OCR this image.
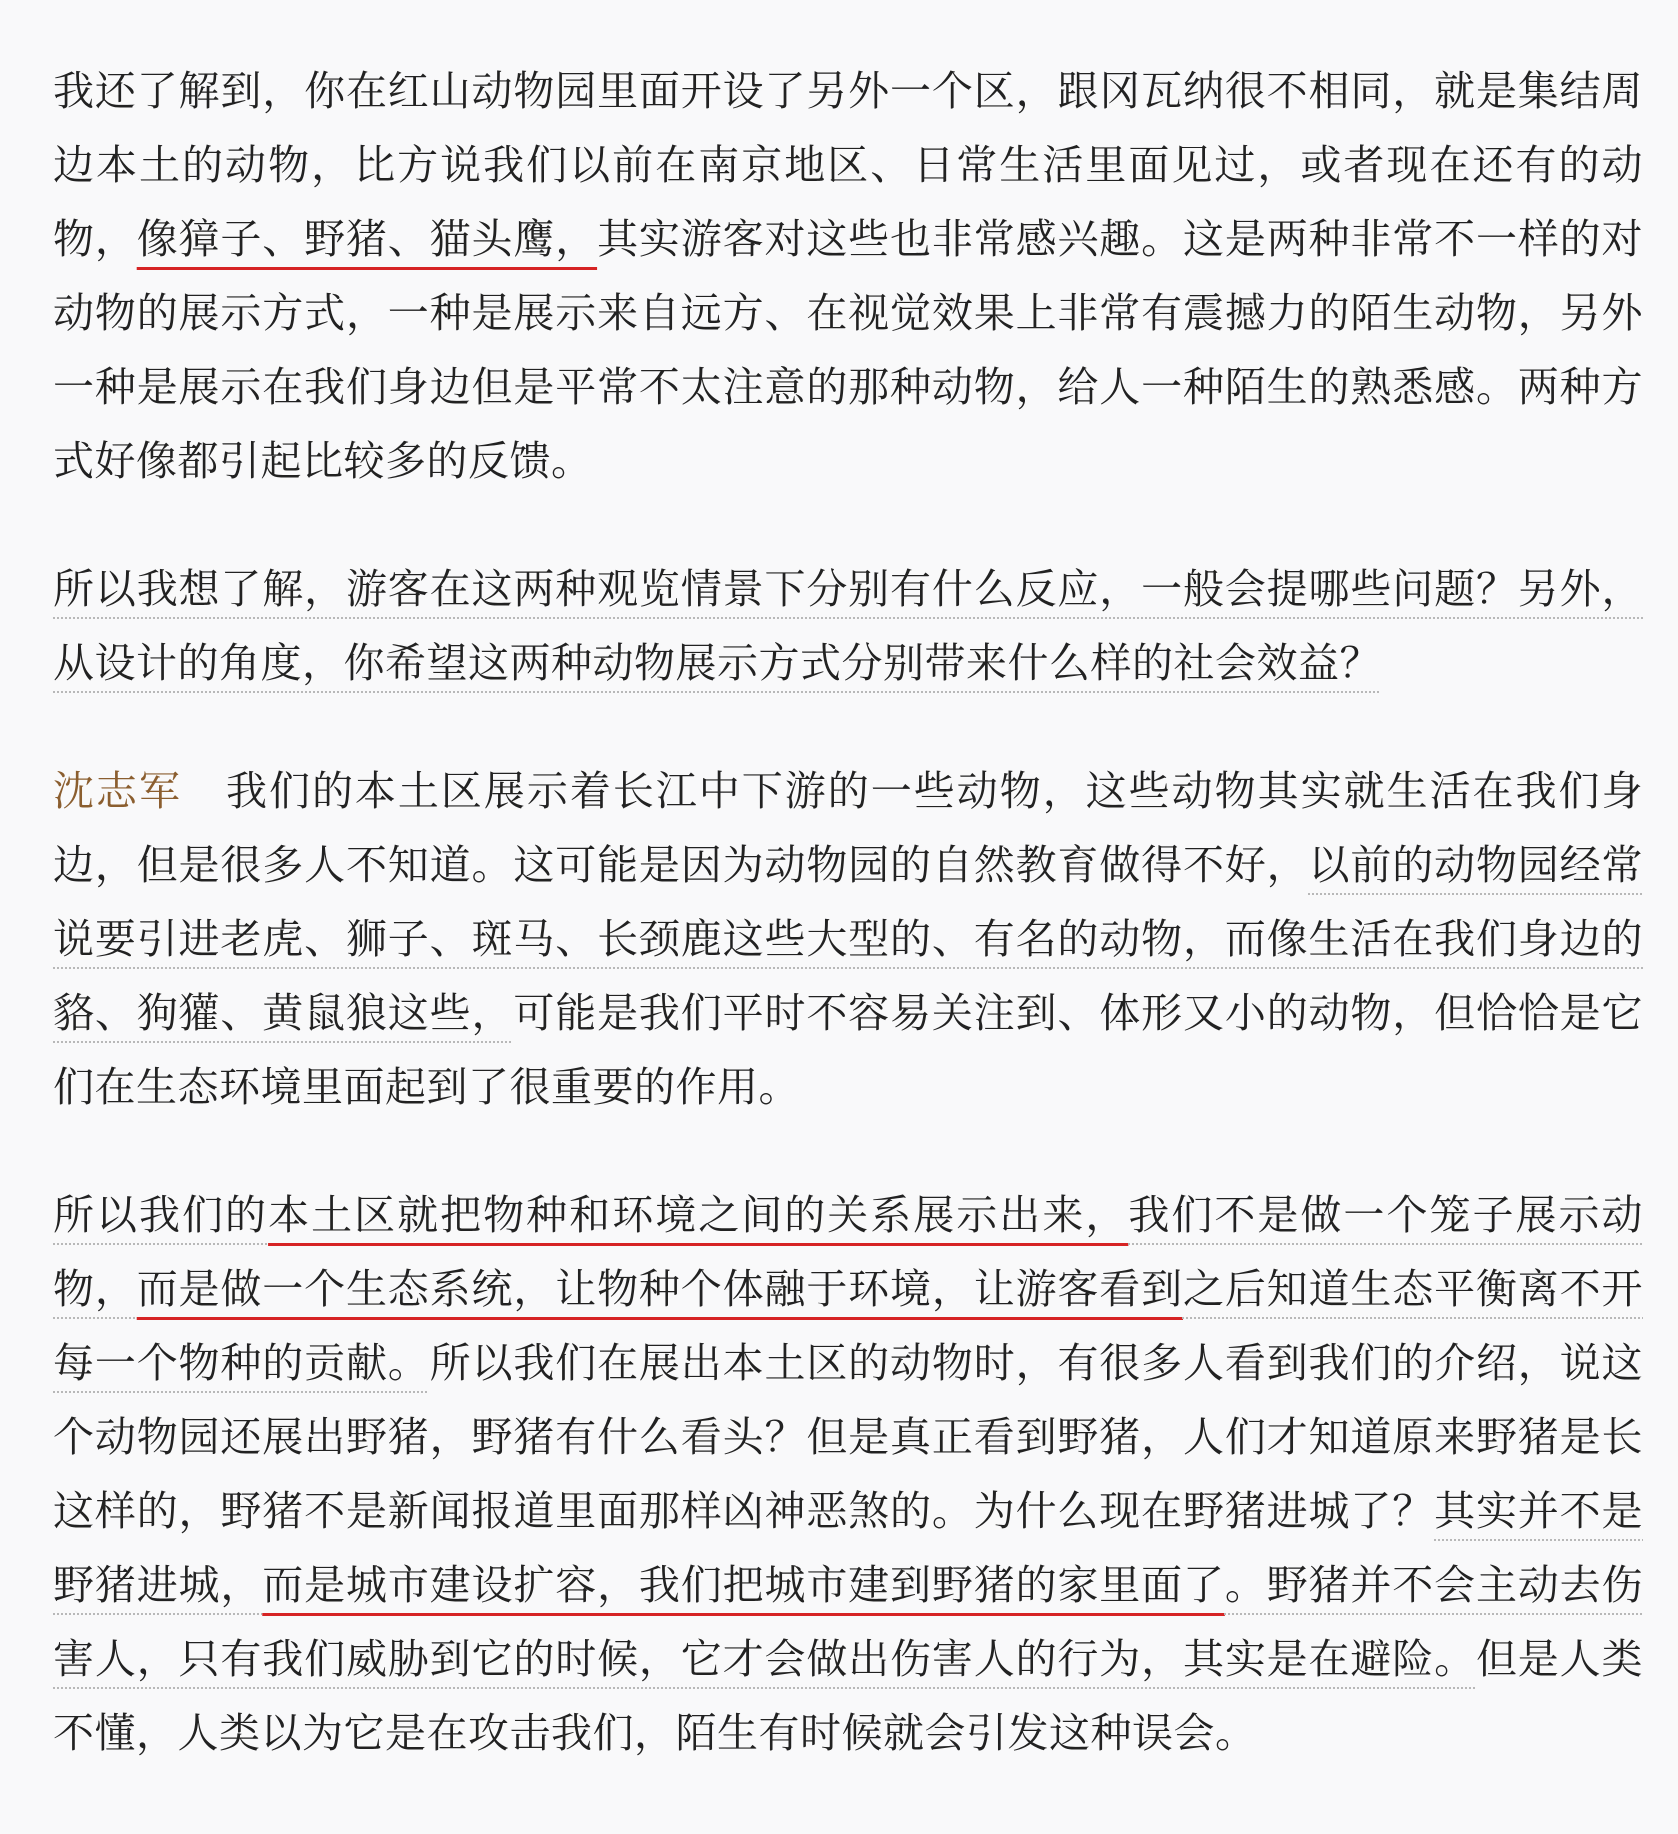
我还了解到，你在红山动物园里面开设了另外一个区，跟冈瓦纳很不相同，就是集结周边本土的动物，比方说我们以前在南京地区、日常生活里面见过，或者现在还有的动物，像獐子、野猪、猫头鹰，其实游客对这些也非常感兴趣。这是两种非常不一样的对动物的展示方式，一种是展示来自远方、在视觉效果上非常有震撼力的陌生动物，另外一种是展示在我们身边但是平常不太注意的那种动物，给人一种陌生的熟悉感。两种方式好像都引起比较多的反馈。

所以我想了解，游客在这两种观览情景下分别有什么反应，一般会提哪些问题？另外，从设计的角度，你希望这两种动物展示方式分别带来什么样的社会效益？

沈志军 我们的本土区展示着长江中下游的一些动物，这些动物其实就生活在我们身边，但是很多人不知道。这可能是因为动物园的自然教育做得不好，以前的动物园经常说要引进老虎、狮子、斑马、长颈鹿这些大型的、有名的动物，而像生活在我们身边的貉、狗獾、黄鼠狼这些，可能是我们平时不容易关注到、体形又小的动物，但恰恰是它们在生态环境里面起到了很重要的作用。

所以我们的本土区就把物种和环境之间的关系展示出来，我们不是做一个笼子展示动物，而是做一个生态系统，让物种个体融于环境，让游客看到之后知道生态平衡离不开每一个物种的贡献。所以我们在展出本土区的动物时，有很多人看到我们的介绍，说这个动物园还展出野猪，野猪有什么看头？但是真正看到野猪，人们才知道原来野猪是长这样的，野猪不是新闻报道里面那样凶神恶煞的。为什么现在野猪进城了？其实并不是野猪进城，而是城市建设扩容，我们把城市建到野猪的家里面了。野猪并不会主动去伤害人，只有我们威胁到它的时候，它才会做出伤害人的行为，其实是在避险。但是人类不懂，人类以为它是在攻击我们，陌生有时候就会引发这种误会。
